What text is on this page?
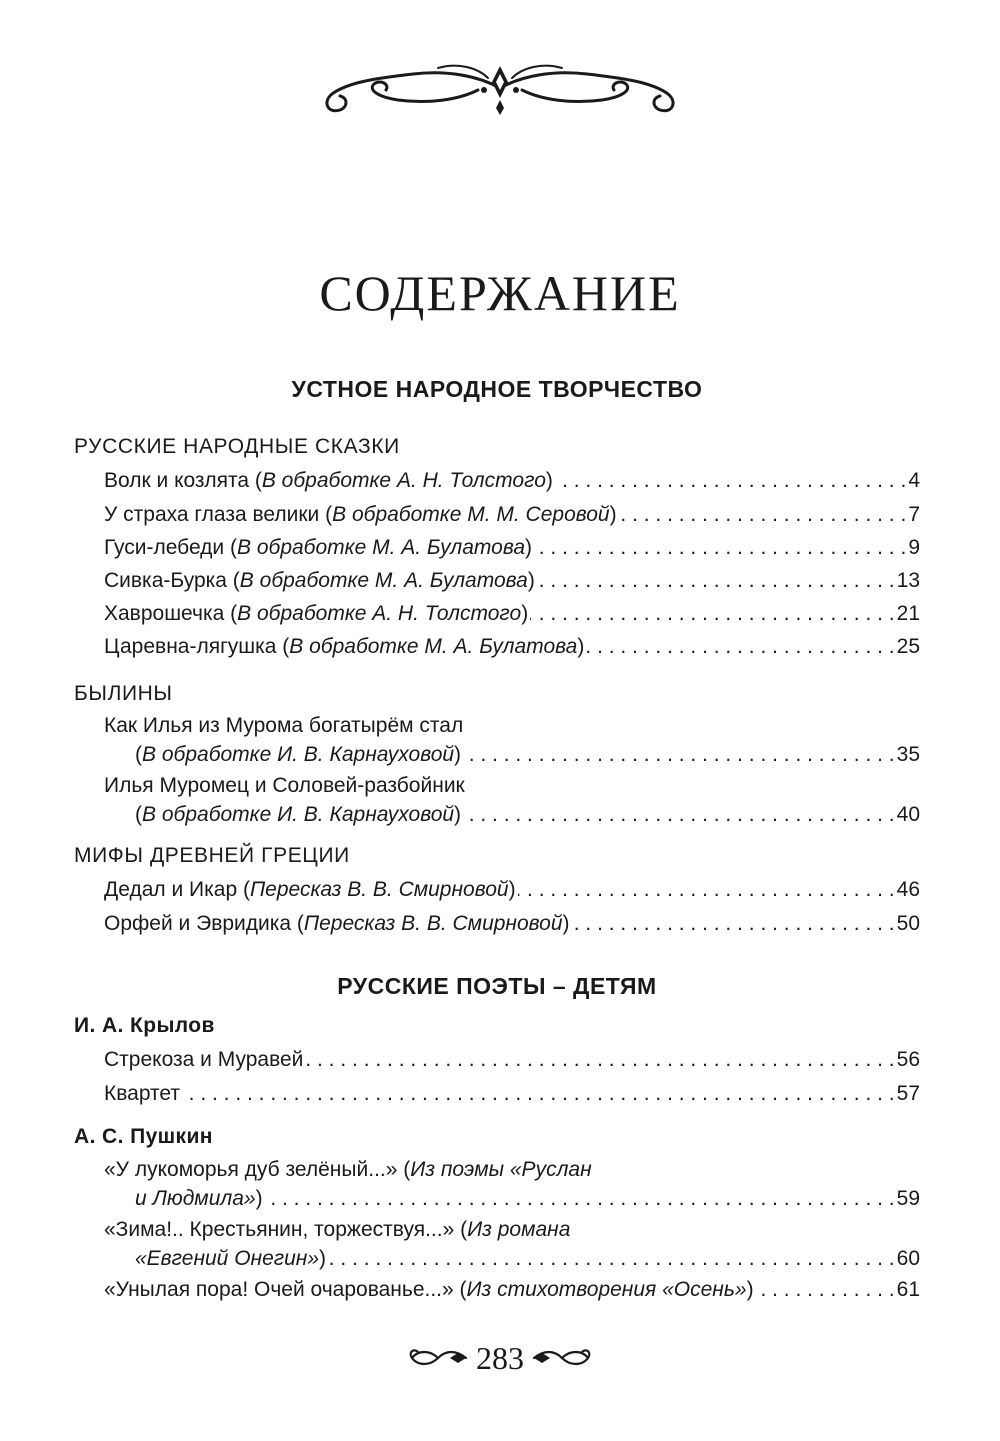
СОДЕРЖАНИЕ
УСТНОЕ НАРОДНОЕ ТВОРЧЕСТВО
РУССКИЕ НАРОДНЫЕ СКАЗКИ
Волк и козлята (В обработке А. Н. Толстого) . . .	4
У страха глаза велики (В обработке М. М. Серовой) . . .	7
Гуси-лебеди (В обработке М. А. Булатова) . . .	9
Сивка-Бурка (В обработке М. А. Булатова) . . .	13
Хаврошечка (В обработке А. Н. Толстого) . . .	21
Царевна-лягушка (В обработке М. А. Булатова) . . .	25
БЫЛИНЫ
Как Илья из Мурома богатырём стал
(В обработке И. В. Карнауховой) . . .	35
Илья Муромец и Соловей-разбойник
(В обработке И. В. Карнауховой) . . .	40
МИФЫ ДРЕВНЕЙ ГРЕЦИИ
Дедал и Икар (Пересказ В. В. Смирновой) . . .	46
Орфей и Эвридика (Пересказ В. В. Смирновой) . . .	50
РУССКИЕ ПОЭТЫ – ДЕТЯМ
И. А. Крылов
Стрекоза и Муравей . . .	56
Квартет . . .	57
А. С. Пушкин
«У лукоморья дуб зелёный...» (Из поэмы «Руслан
и Людмила») . . .	59
«Зима!.. Крестьянин, торжествуя...» (Из романа
«Евгений Онегин») . . .	60
«Унылая пора! Очей очарованье...» (Из стихотворения «Осень») . . .	61
283
